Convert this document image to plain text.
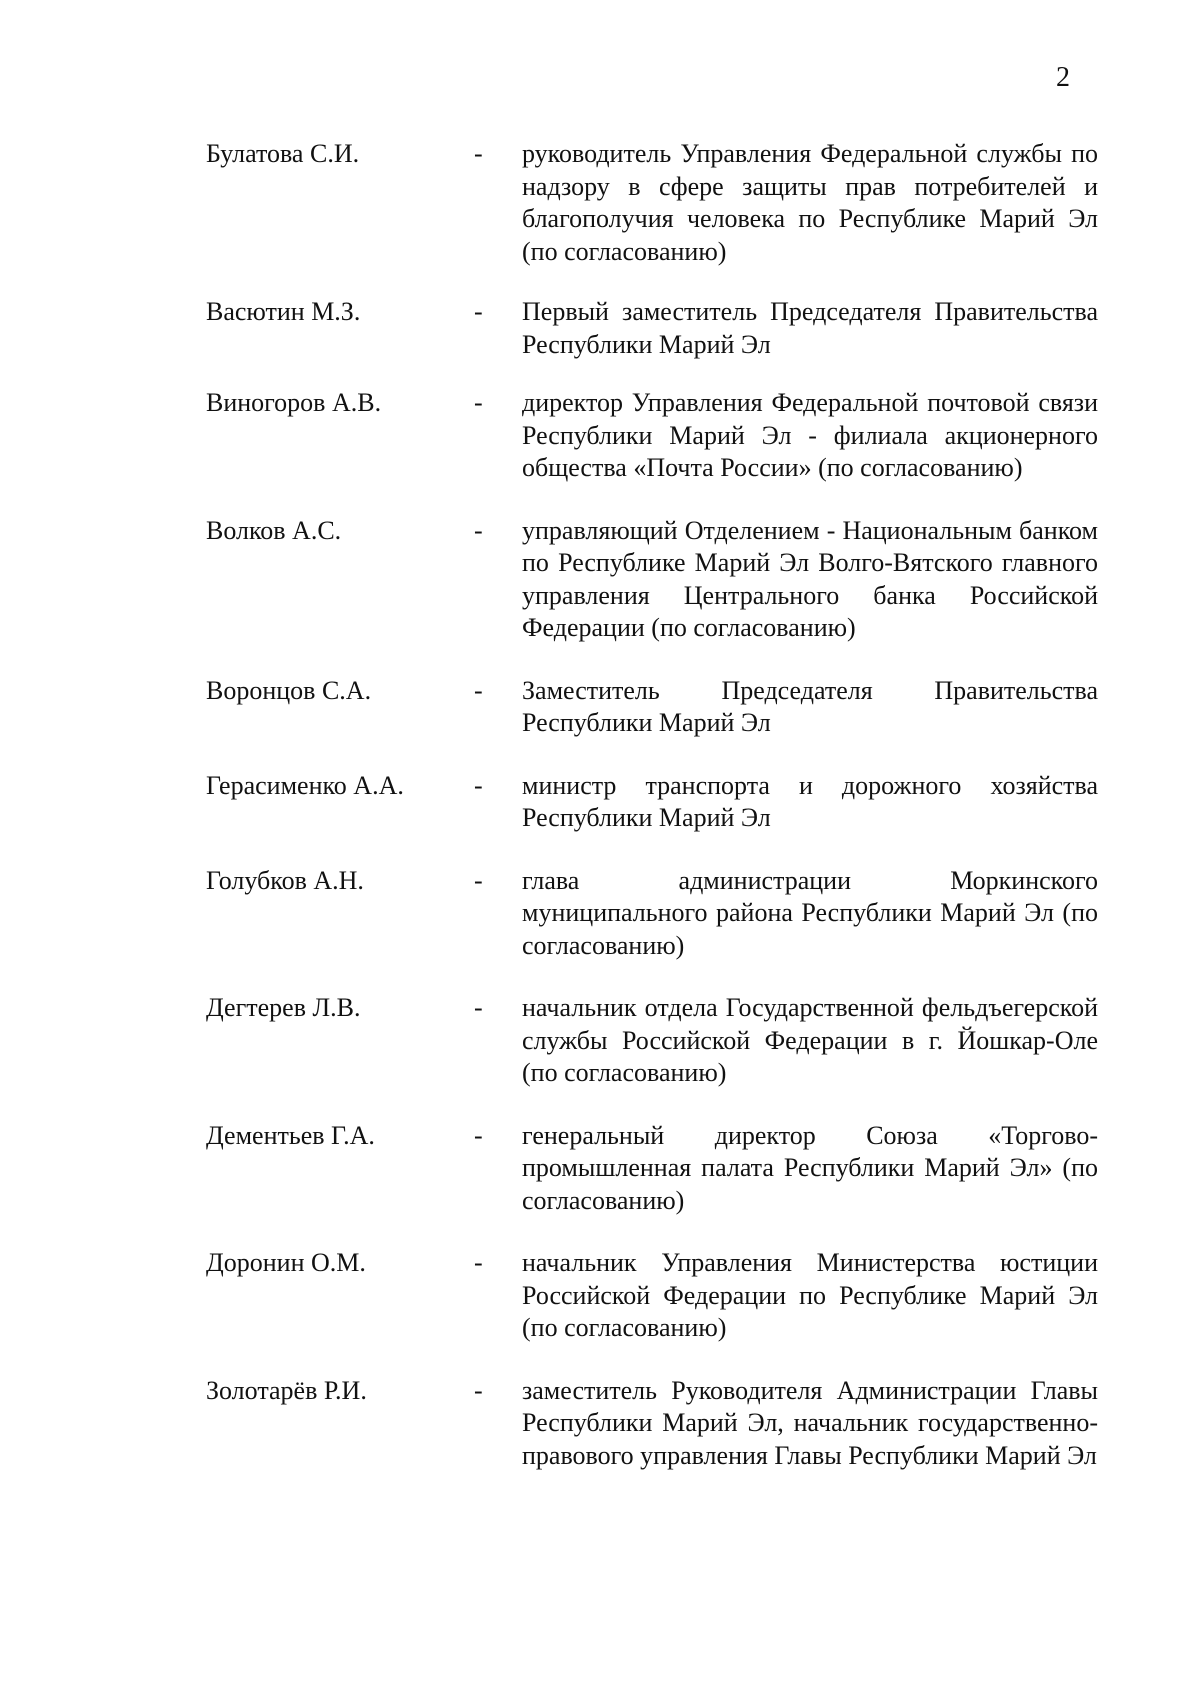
2
Булатова С.И.	-	руководитель Управления Федеральной службы по надзору в сфере защиты прав потребителей и благополучия человека по Республике Марий Эл (по согласованию)
Васютин М.З.	-	Первый заместитель Председателя Правительства Республики Марий Эл
Виногоров А.В.	-	директор Управления Федеральной почтовой связи Республики Марий Эл - филиала акционерного общества «Почта России» (по согласованию)
Волков А.С.	-	управляющий Отделением - Национальным банком по Республике Марий Эл Волго-Вятского главного управления Центрального банка Российской Федерации (по согласованию)
Воронцов С.А.	-	Заместитель Председателя Правительства Республики Марий Эл
Герасименко А.А.	-	министр транспорта и дорожного хозяйства Республики Марий Эл
Голубков А.Н.	-	глава администрации Моркинского муниципального района Республики Марий Эл (по согласованию)
Дегтерев Л.В.	-	начальник отдела Государственной фельдъегерской службы Российской Федерации в г. Йошкар-Оле (по согласованию)
Дементьев Г.А.	-	генеральный директор Союза «Торгово-промышленная палата Республики Марий Эл» (по согласованию)
Доронин О.М.	-	начальник Управления Министерства юстиции Российской Федерации по Республике Марий Эл (по согласованию)
Золотарёв Р.И.	-	заместитель Руководителя Администрации Главы Республики Марий Эл, начальник государственно-правового управления Главы Республики Марий Эл
